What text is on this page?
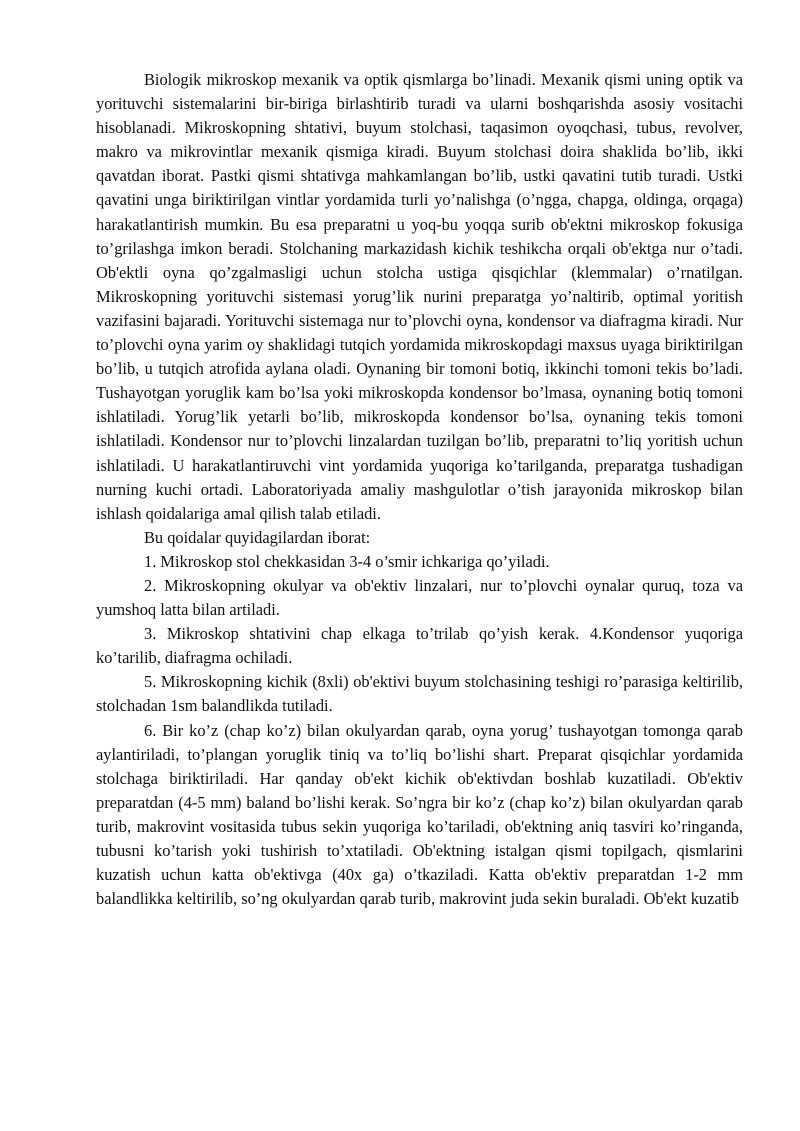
Biologik mikroskop mexanik va optik qismlarga bo’linadi. Mexanik qismi uning optik va yorituvchi sistemalarini bir-biriga birlashtirib turadi va ularni boshqarishda asosiy vositachi hisoblanadi. Mikroskopning shtativi, buyum stolchasi, taqasimon oyoqchasi, tubus, revolver, makro va mikrovintlar mexanik qismiga kiradi. Buyum stolchasi doira shaklida bo’lib, ikki qavatdan iborat. Pastki qismi shtativga mahkamlangan bo’lib, ustki qavatini tutib turadi. Ustki qavatini unga biriktirilgan vintlar yordamida turli yo’nalishga (o’ngga, chapga, oldinga, orqaga) harakatlantirish mumkin. Bu esa preparatni u yoq-bu yoqqa surib ob'ektni mikroskop fokusiga to’grilashga imkon beradi. Stolchaning markazidash kichik teshikcha orqali ob'ektga nur o’tadi. Ob'ektli oyna qo’zgalmasligi uchun stolcha ustiga qisqichlar (klemmalar) o’rnatilgan. Mikroskopning yorituvchi sistemasi yorug’lik nurini preparatga yo’naltirib, optimal yoritish vazifasini bajaradi. Yorituvchi sistemaga nur to’plovchi oyna, kondensor va diafragma kiradi. Nur to’plovchi oyna yarim oy shaklidagi tutqich yordamida mikroskopdagi maxsus uyaga biriktirilgan bo’lib, u tutqich atrofida aylana oladi. Oynaning bir tomoni botiq, ikkinchi tomoni tekis bo’ladi. Tushayotgan yoruglik kam bo’lsa yoki mikroskopda kondensor bo’lmasa, oynaning botiq tomoni ishlatiladi. Yorug’lik yetarli bo’lib, mikroskopda kondensor bo’lsa, oynaning tekis tomoni ishlatiladi. Kondensor nur to’plovchi linzalardan tuzilgan bo’lib, preparatni to’liq yoritish uchun ishlatiladi. U harakatlantiruvchi vint yordamida yuqoriga ko’tarilganda, preparatga tushadigan nurning kuchi ortadi. Laboratoriyada amaliy mashgulotlar o’tish jarayonida mikroskop bilan ishlash qoidalariga amal qilish talab etiladi.

Bu qoidalar quyidagilardan iborat:

1. Mikroskop stol chekkasidan 3-4 o’smir ichkariga qo’yiladi.

2. Mikroskopning okulyar va ob'ektiv linzalari, nur to’plovchi oynalar quruq, toza va yumshoq latta bilan artiladi.

3. Mikroskop shtativini chap elkaga to’trilab qo’yish kerak. 4.Kondensor yuqoriga ko’tarilib, diafragma ochiladi.

5. Mikroskopning kichik (8xli) ob'ektivi buyum stolchasining teshigi ro’parasiga keltirilib, stolchadan 1sm balandlikda tutiladi.

6. Bir ko’z (chap ko’z) bilan okulyardan qarab, oyna yorug’ tushayotgan tomonga qarab aylantiriladi, to’plangan yoruglik tiniq va to’liq bo’lishi shart. Preparat qisqichlar yordamida stolchaga biriktiriladi. Har qanday ob'ekt kichik ob'ektivdan boshlab kuzatiladi. Ob'ektiv preparatdan (4-5 mm) baland bo’lishi kerak. So’ngra bir ko’z (chap ko’z) bilan okulyardan qarab turib, makrovint vositasida tubus sekin yuqoriga ko’tariladi, ob'ektning aniq tasviri ko’ringanda, tubusni ko’tarish yoki tushirish to’xtatiladi. Ob'ektning istalgan qismi topilgach, qismlarini kuzatish uchun katta ob'ektivga (40x ga) o’tkaziladi. Katta ob'ektiv preparatdan 1-2 mm balandlikka keltirilib, so’ng okulyardan qarab turib, makrovint juda sekin buraladi. Ob'ekt kuzatib
